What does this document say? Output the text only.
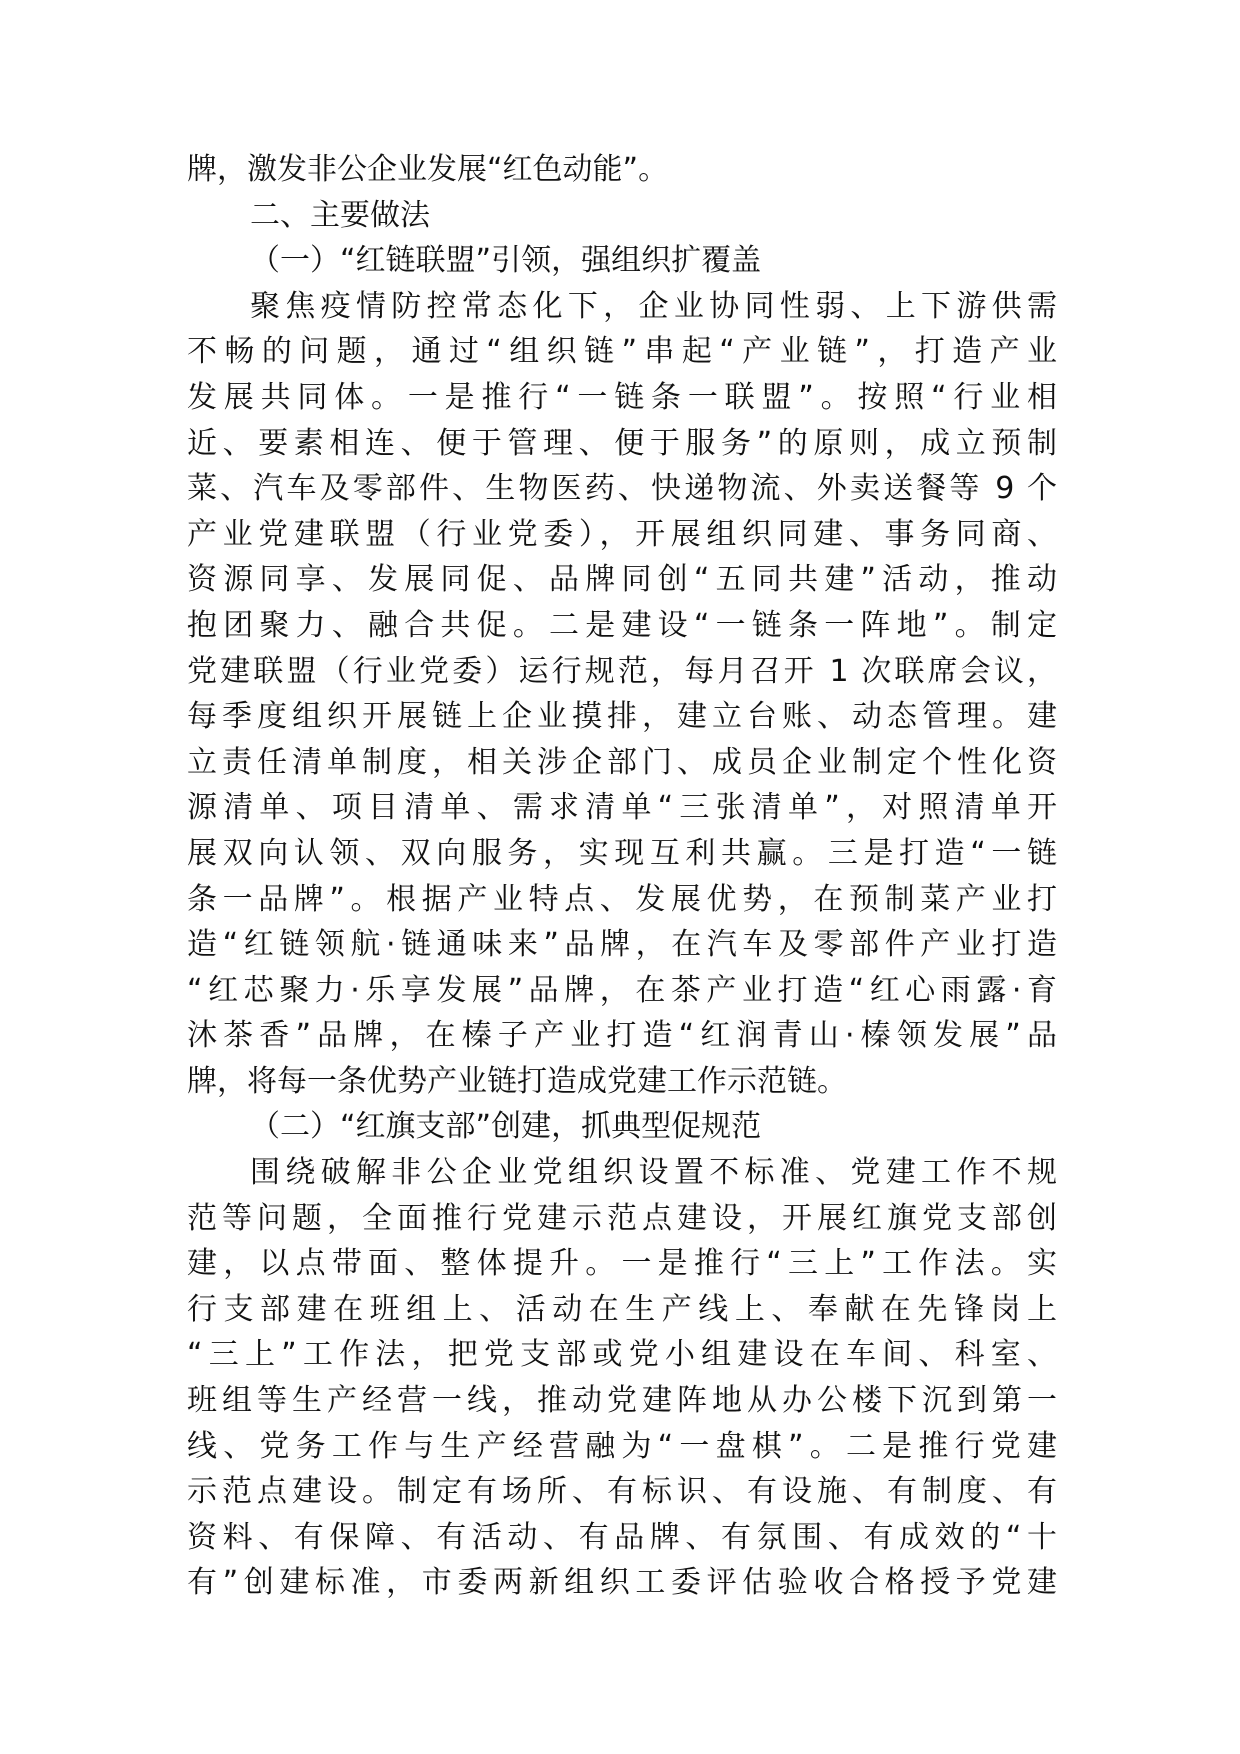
牌，激发非公企业发展“红色动能”。
二、主要做法
（一）“红链联盟”引领，强组织扩覆盖
聚焦疫情防控常态化下，企业协同性弱、上下游供需
不畅的问题，通过“组织链”串起“产业链”，打造产业
发展共同体。一是推行“一链条一联盟”。按照“行业相
近、要素相连、便于管理、便于服务”的原则，成立预制
菜、汽车及零部件、生物医药、快递物流、外卖送餐等 9 个
产业党建联盟（行业党委），开展组织同建、事务同商、
资源同享、发展同促、品牌同创“五同共建”活动，推动
抱团聚力、融合共促。二是建设“一链条一阵地”。制定
党建联盟（行业党委）运行规范，每月召开 1 次联席会议，
每季度组织开展链上企业摸排，建立台账、动态管理。建
立责任清单制度，相关涉企部门、成员企业制定个性化资
源清单、项目清单、需求清单“三张清单”，对照清单开
展双向认领、双向服务，实现互利共赢。三是打造“一链
条一品牌”。根据产业特点、发展优势，在预制菜产业打
造“红链领航·链通味来”品牌，在汽车及零部件产业打造
“红芯聚力·乐享发展”品牌，在茶产业打造“红心雨露·育
沐茶香”品牌，在榛子产业打造“红润青山·榛领发展”品
牌，将每一条优势产业链打造成党建工作示范链。
（二）“红旗支部”创建，抓典型促规范
围绕破解非公企业党组织设置不标准、党建工作不规
范等问题，全面推行党建示范点建设，开展红旗党支部创
建，以点带面、整体提升。一是推行“三上”工作法。实
行支部建在班组上、活动在生产线上、奉献在先锋岗上
“三上”工作法，把党支部或党小组建设在车间、科室、
班组等生产经营一线，推动党建阵地从办公楼下沉到第一
线、党务工作与生产经营融为“一盘棋”。二是推行党建
示范点建设。制定有场所、有标识、有设施、有制度、有
资料、有保障、有活动、有品牌、有氛围、有成效的“十
有”创建标准，市委两新组织工委评估验收合格授予党建
